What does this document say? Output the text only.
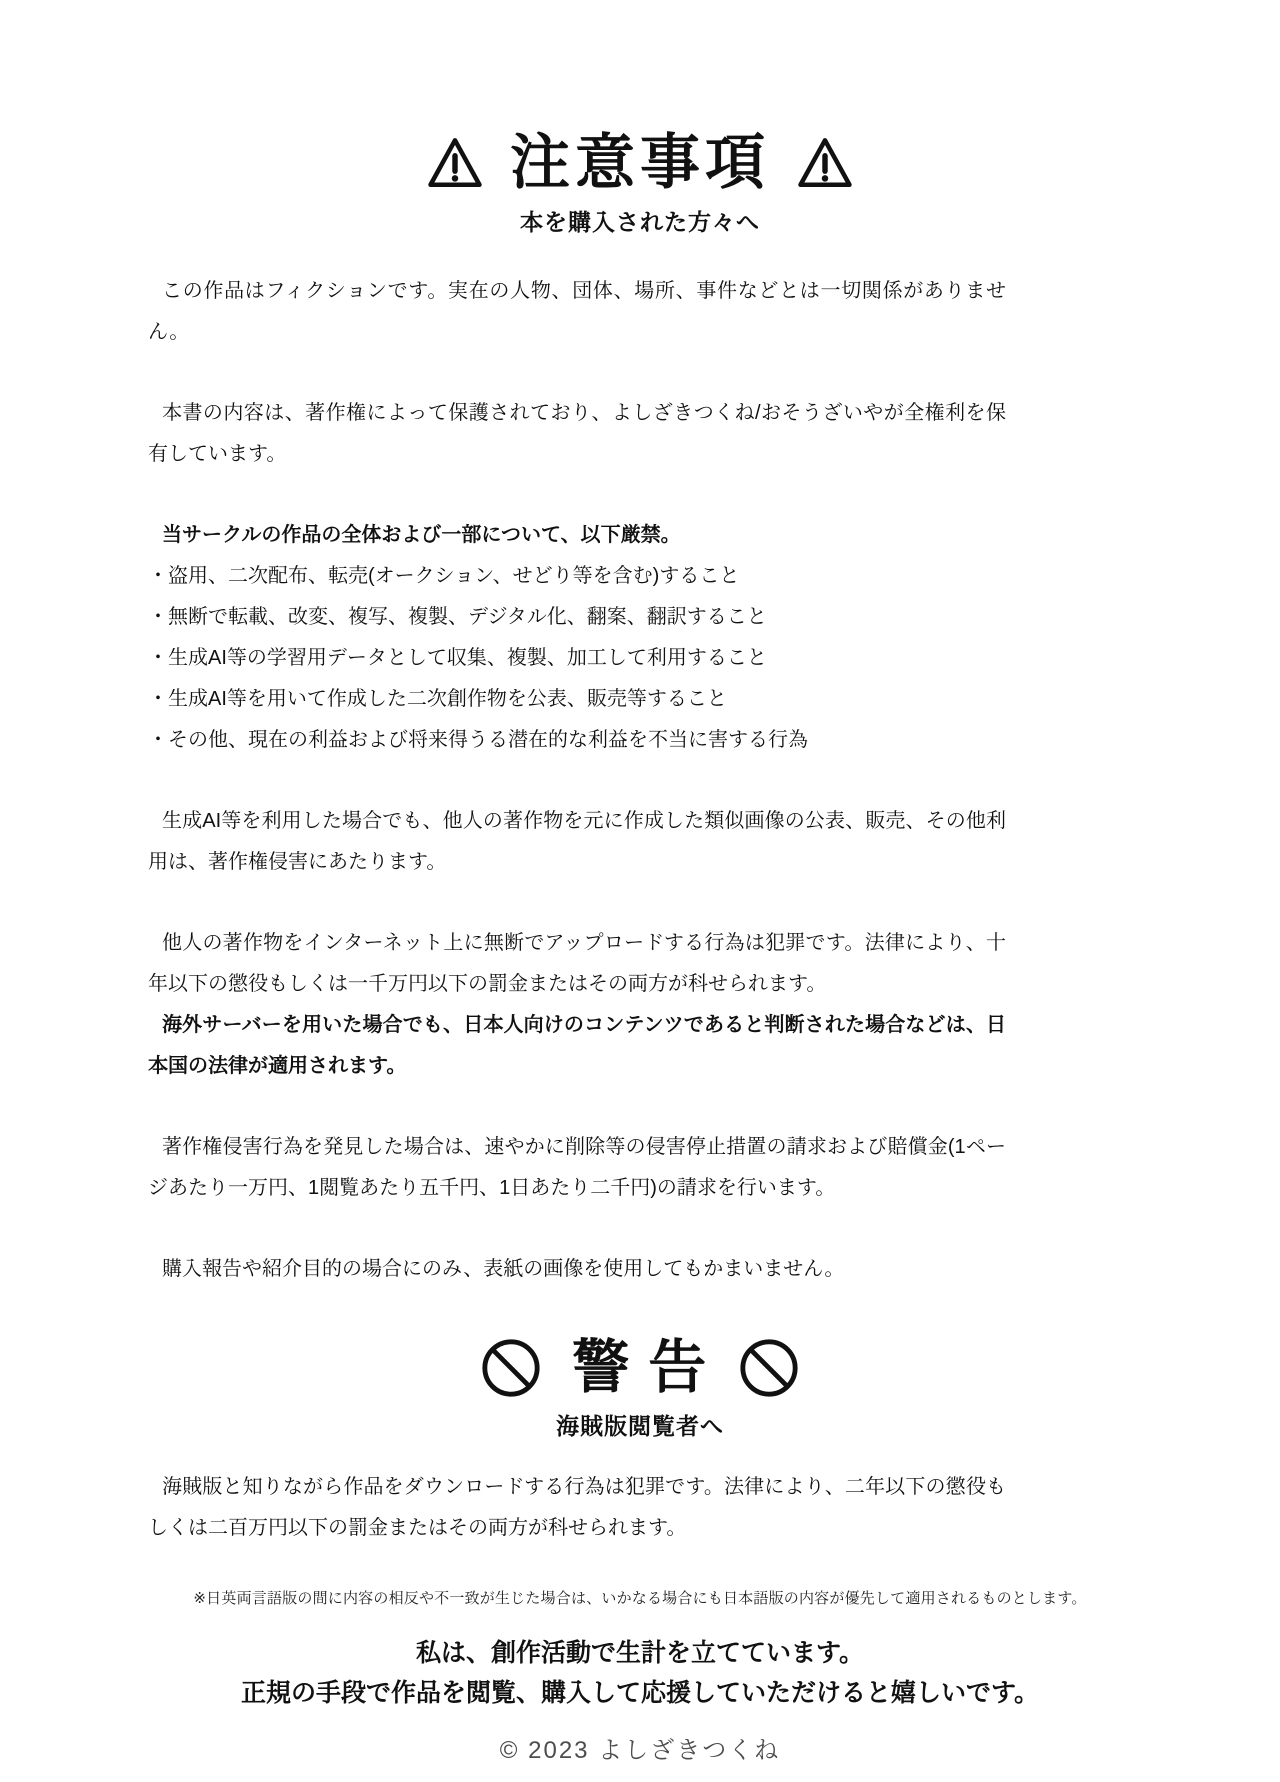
注意事項
本を購入された方々へ

この作品はフィクションです。実在の人物、団体、場所、事件などとは一切関係がありません。

本書の内容は、著作権によって保護されており、よしざきつくね/おそうざいやが全権利を保有しています。

当サークルの作品の全体および一部について、以下厳禁。

・盗用、二次配布、転売(オークション、せどり等を含む)すること

・無断で転載、改変、複写、複製、デジタル化、翻案、翻訳すること

・生成AI等の学習用データとして収集、複製、加工して利用すること

・生成AI等を用いて作成した二次創作物を公表、販売等すること

・その他、現在の利益および将来得うる潜在的な利益を不当に害する行為

生成AI等を利用した場合でも、他人の著作物を元に作成した類似画像の公表、販売、その他利用は、著作権侵害にあたります。

他人の著作物をインターネット上に無断でアップロードする行為は犯罪です。法律により、十年以下の懲役もしくは一千万円以下の罰金またはその両方が科せられます。

海外サーバーを用いた場合でも、日本人向けのコンテンツであると判断された場合などは、日本国の法律が適用されます。

著作権侵害行為を発見した場合は、速やかに削除等の侵害停止措置の請求および賠償金(1ページあたり一万円、1閲覧あたり五千円、1日あたり二千円)の請求を行います。

購入報告や紹介目的の場合にのみ、表紙の画像を使用してもかまいません。

警 告
海賊版閲覧者へ

海賊版と知りながら作品をダウンロードする行為は犯罪です。法律により、二年以下の懲役もしくは二百万円以下の罰金またはその両方が科せられます。

※日英両言語版の間に内容の相反や不一致が生じた場合は、いかなる場合にも日本語版の内容が優先して適用されるものとします。
私は、創作活動で生計を立てています。
正規の手段で作品を閲覧、購入して応援していただけると嬉しいです。
© 2023 よしざきつくね
